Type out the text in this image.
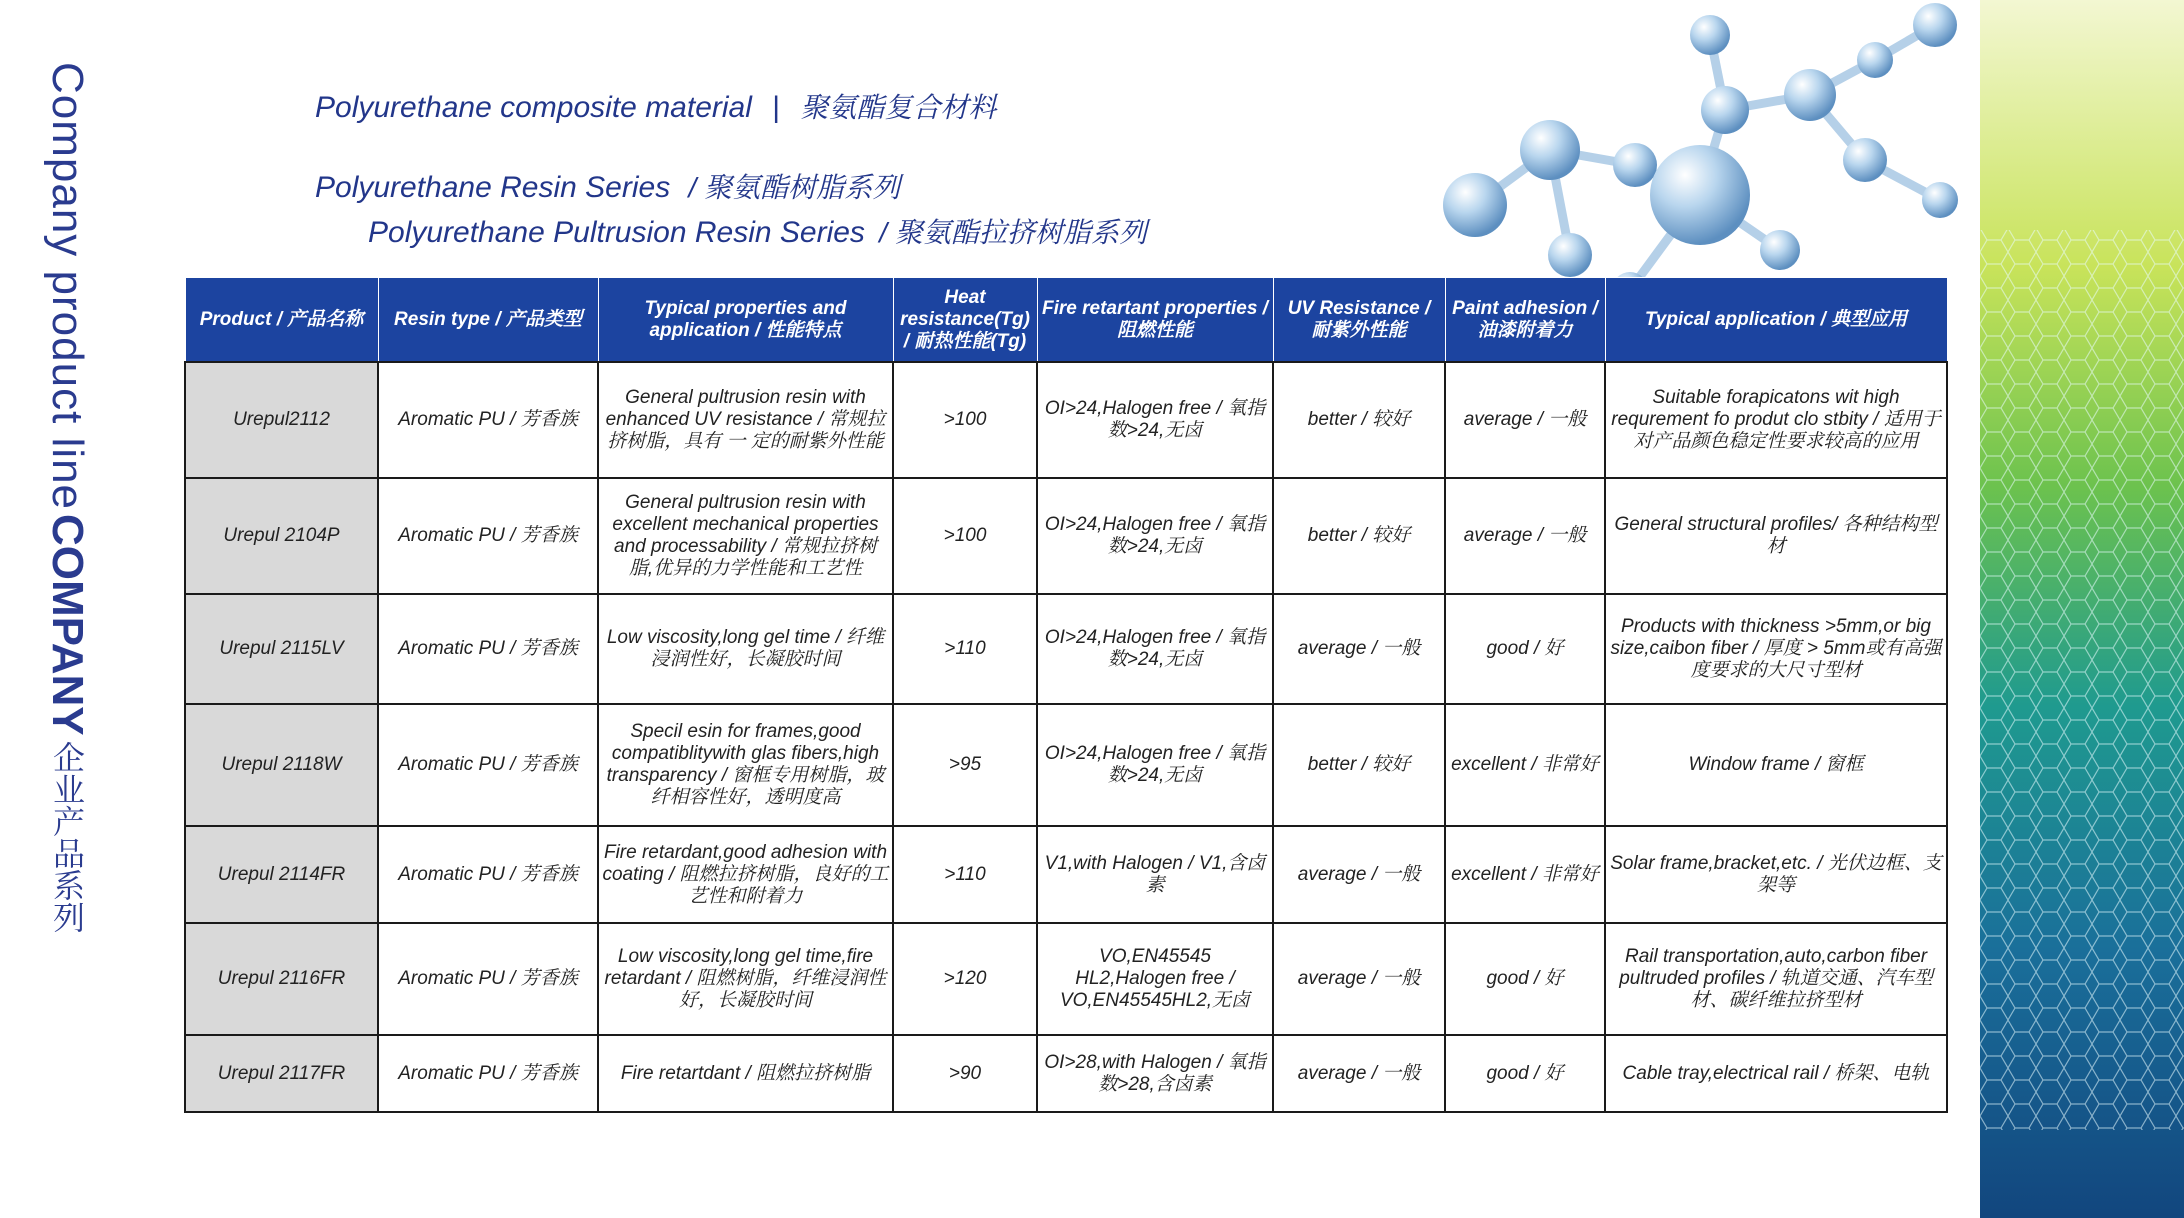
Company product line COMPANY 企业产品系列
Polyurethane composite material | 聚氨酯复合材料
Polyurethane Resin Series / 聚氨酯树脂系列
Polyurethane Pultrusion Resin Series / 聚氨酯拉挤树脂系列
Product / 产品名称	Resin type / 产品类型	Typical properties and application / 性能特点	Heat resistance(Tg) / 耐热性能(Tg)	Fire retartant properties / 阻燃性能	UV Resistance / 耐紫外性能	Paint adhesion / 油漆附着力	Typical application / 典型应用
Urepul2112	Aromatic PU / 芳香族	General pultrusion resin with enhanced UV resistance / 常规拉挤树脂，具有 一 定的耐紫外性能	>100	OI>24,Halogen free / 氧指数>24,无卤	better / 较好	average / 一般	Suitable forapicatons wit high requrement fo produt clo stbity / 适用于对产品颜色稳定性要求较高的应用
Urepul 2104P	Aromatic PU / 芳香族	General pultrusion resin with excellent mechanical properties and processability / 常规拉挤树脂,优异的力学性能和工艺性	>100	OI>24,Halogen free / 氧指数>24,无卤	better / 较好	average / 一般	General structural profiles/ 各种结构型材
Urepul 2115LV	Aromatic PU / 芳香族	Low viscosity,long gel time / 纤维浸润性好，长凝胶时间	>110	OI>24,Halogen free / 氧指数>24,无卤	average / 一般	good / 好	Products with thickness >5mm,or big size,caibon fiber / 厚度 > 5mm或有高强度要求的大尺寸型材
Urepul 2118W	Aromatic PU / 芳香族	Specil esin for frames,good compatiblitywith glas fibers,high transparency / 窗框专用树脂，玻纤相容性好，透明度高	>95	OI>24,Halogen free / 氧指数>24,无卤	better / 较好	excellent / 非常好	Window frame / 窗框
Urepul 2114FR	Aromatic PU / 芳香族	Fire retardant,good adhesion with coating / 阻燃拉挤树脂，良好的工艺性和附着力	>110	V1,with Halogen / V1,含卤素	average / 一般	excellent / 非常好	Solar frame,bracket,etc. / 光伏边框、支架等
Urepul 2116FR	Aromatic PU / 芳香族	Low viscosity,long gel time,fire retardant / 阻燃树脂，纤维浸润性好，长凝胶时间	>120	VO,EN45545 HL2,Halogen free / VO,EN45545HL2,无卤	average / 一般	good / 好	Rail transportation,auto,carbon fiber pultruded profiles / 轨道交通、汽车型材、碳纤维拉挤型材
Urepul 2117FR	Aromatic PU / 芳香族	Fire retartdant / 阻燃拉挤树脂	>90	OI>28,with Halogen / 氧指数>28,含卤素	average / 一般	good / 好	Cable tray,electrical rail / 桥架、电轨
